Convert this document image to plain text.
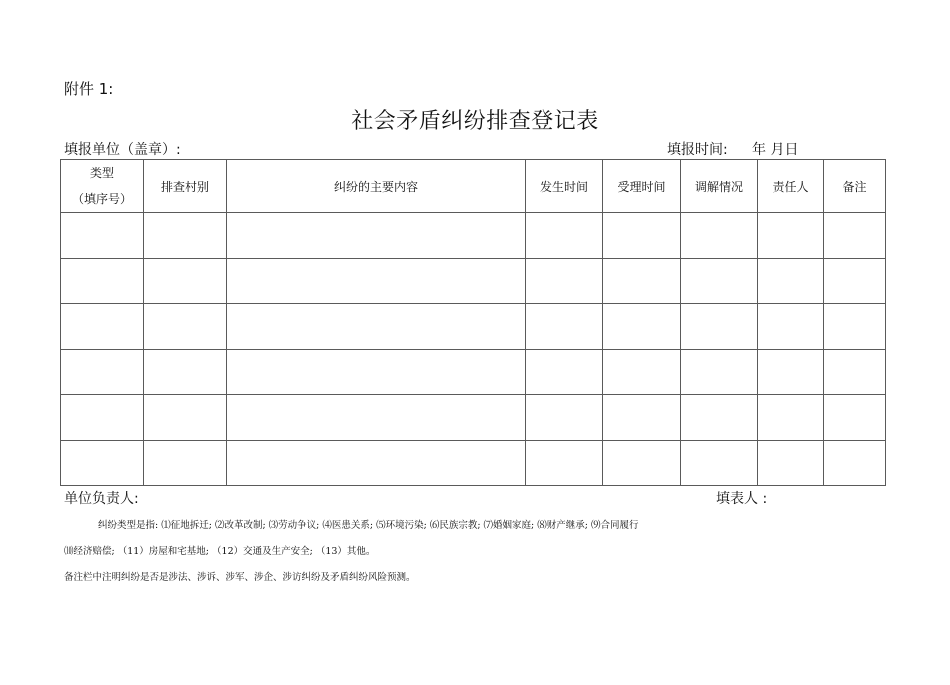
附件 1:
社会矛盾纠纷排查登记表
填报单位（盖章）:	填报时间: 年 月日
类型
（填序号）	排查村别	纠纷的主要内容	发生时间	受理时间	调解情况	责任人	备注

单位负责人:	填表人 :
纠纷类型是指: ⑴征地拆迁; ⑵改革改制; ⑶劳动争议; ⑷医患关系; ⑸环境污染; ⑹民族宗教; ⑺婚姻家庭; ⑻财产继承; ⑼合同履行
⑽经济赔偿; （11）房屋和宅基地; （12）交通及生产安全; （13）其他。
备注栏中注明纠纷是否是涉法、涉诉、涉军、涉企、涉访纠纷及矛盾纠纷风险预测。
